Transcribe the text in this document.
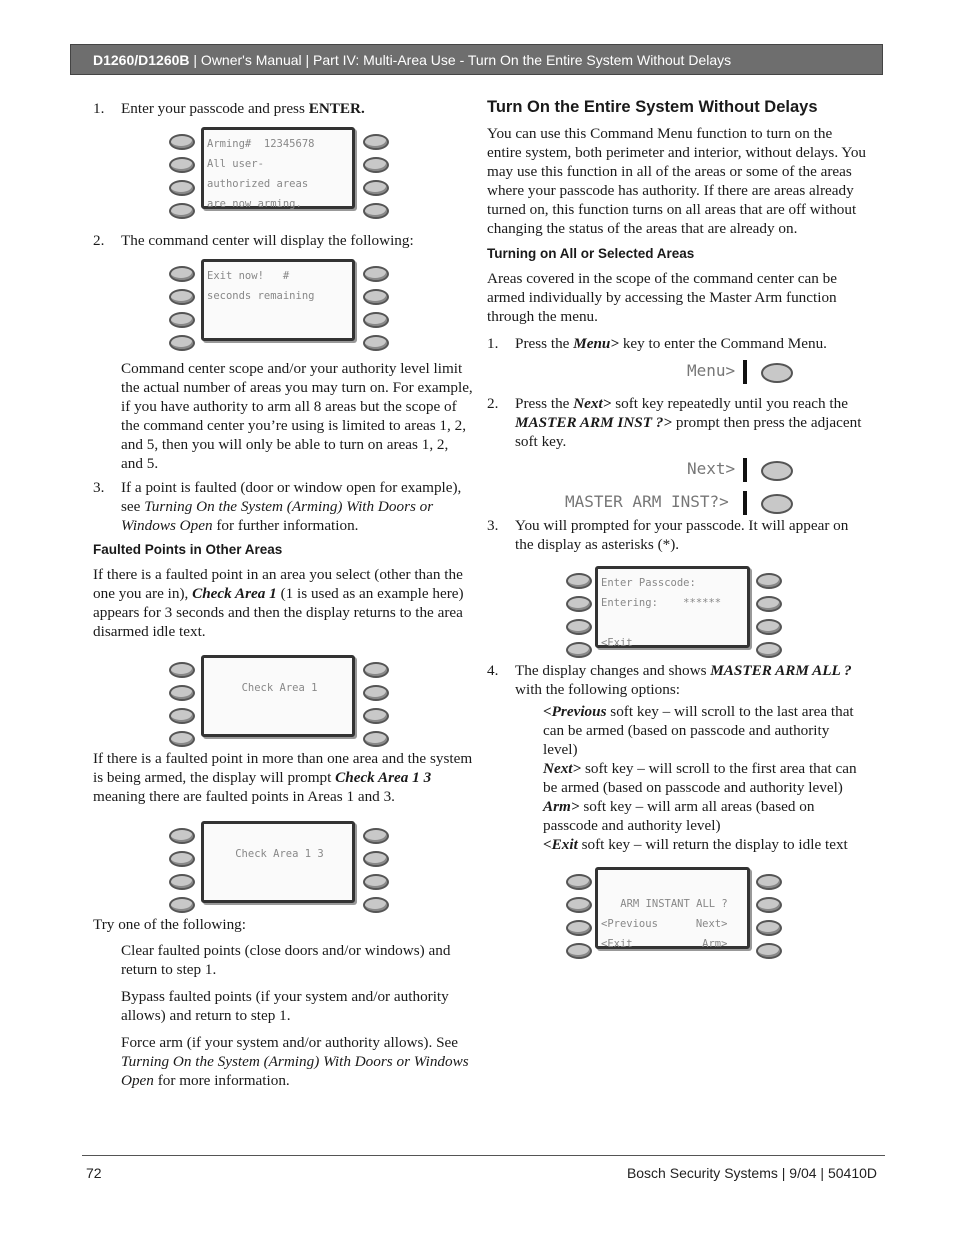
D1260/D1260B | Owner's Manual | Part IV: Multi-Area Use - Turn On the Entire System Without Delays

1. Enter your passcode and press ENTER.

Arming#  12345678
All user-
authorized areas
are now arming.

2. The command center will display the following:

Exit now!   #
seconds remaining

Command center scope and/or your authority level limit the actual number of areas you may turn on. For example, if you have authority to arm all 8 areas but the scope of the command center you’re using is limited to areas 1, 2, and 5, then you will only be able to turn on areas 1, 2, and 5.

3. If a point is faulted (door or window open for example), see Turning On the System (Arming) With Doors or Windows Open for further information.

Faulted Points in Other Areas

If there is a faulted point in an area you select (other than the one you are in), Check Area 1 (1 is used as an example here) appears for 3 seconds and then the display returns to the area disarmed idle text.

Check Area 1

If there is a faulted point in more than one area and the system is being armed, the display will prompt Check Area 1 3 meaning there are faulted points in Areas 1 and 3.

Check Area 1 3

Try one of the following:

Clear faulted points (close doors and/or windows) and return to step 1.

Bypass faulted points (if your system and/or authority allows) and return to step 1.

Force arm (if your system and/or authority allows). See Turning On the System (Arming) With Doors or Windows Open for more information.

Turn On the Entire System Without Delays

You can use this Command Menu function to turn on the entire system, both perimeter and interior, without delays. You may use this function in all of the areas or some of the areas where your passcode has authority. If there are areas already turned on, this function turns on all areas that are off without changing the status of the areas that are already on.

Turning on All or Selected Areas

Areas covered in the scope of the command center can be armed individually by accessing the Master Arm function through the menu.

1. Press the Menu> key to enter the Command Menu.

Menu>

2. Press the Next> soft key repeatedly until you reach the MASTER ARM INST ?> prompt then press the adjacent soft key.

Next>
MASTER ARM INST?>

3. You will prompted for your passcode. It will appear on the display as asterisks (*).

Enter Passcode:
Entering:    ******
<Exit

4. The display changes and shows MASTER ARM ALL ? with the following options:

<Previous soft key – will scroll to the last area that can be armed (based on passcode and authority level)

Next> soft key – will scroll to the first area that can be armed (based on passcode and authority level)

Arm> soft key – will arm all areas (based on passcode and authority level)

<Exit soft key – will return the display to idle text

ARM INSTANT ALL ?
<Previous      Next>
<Exit           Arm>
72	Bosch Security Systems | 9/04 | 50410D
